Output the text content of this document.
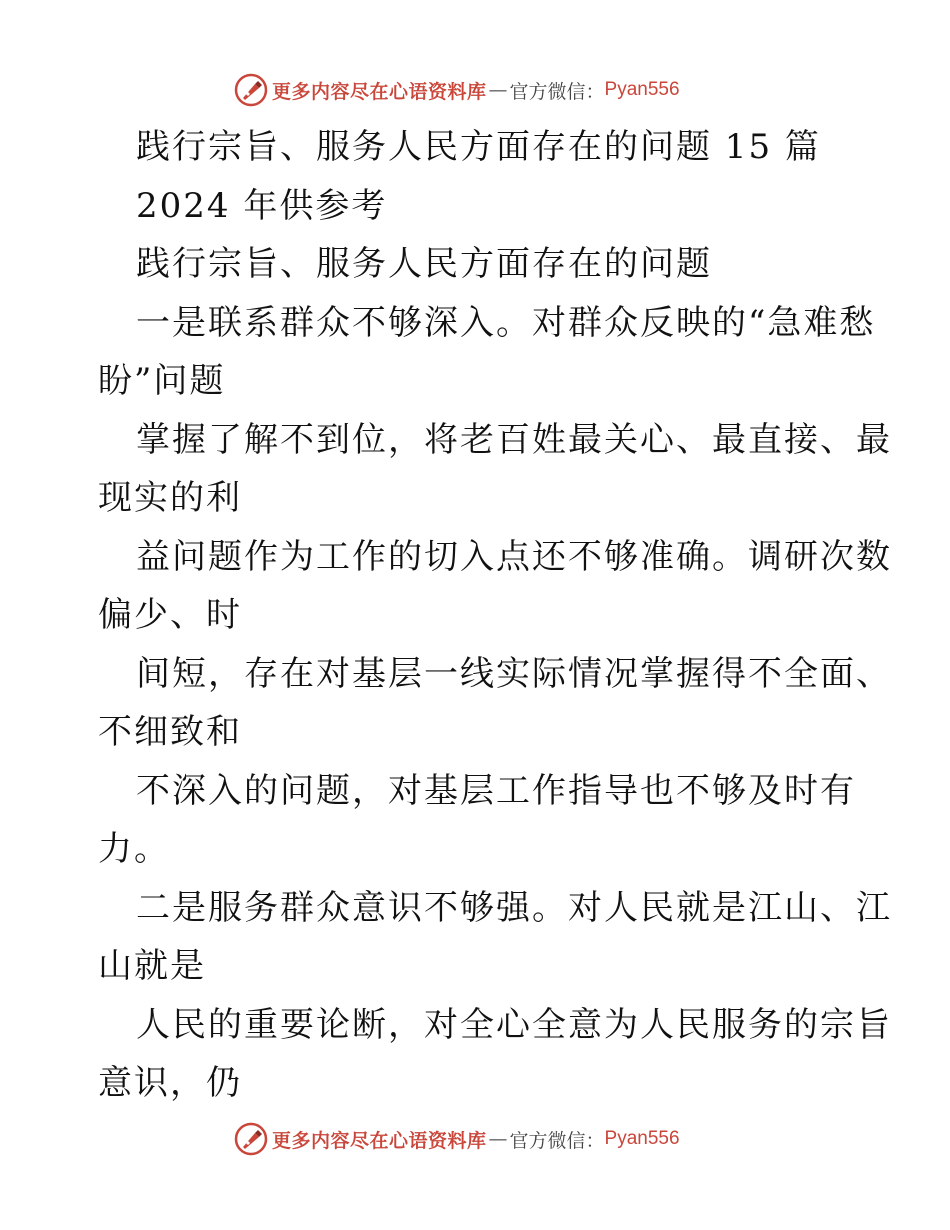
更多内容尽在心语资料库 — 官方微信： Pyan556
践行宗旨、服务人民方面存在的问题 15 篇
2024 年供参考
践行宗旨、服务人民方面存在的问题
一是联系群众不够深入。对群众反映的“急难愁
盼”问题
掌握了解不到位，将老百姓最关心、最直接、最
现实的利
益问题作为工作的切入点还不够准确。调研次数
偏少、时
间短，存在对基层一线实际情况掌握得不全面、
不细致和
不深入的问题，对基层工作指导也不够及时有
力。
二是服务群众意识不够强。对人民就是江山、江
山就是
人民的重要论断，对全心全意为人民服务的宗旨
意识，仍
更多内容尽在心语资料库 — 官方微信： Pyan556
